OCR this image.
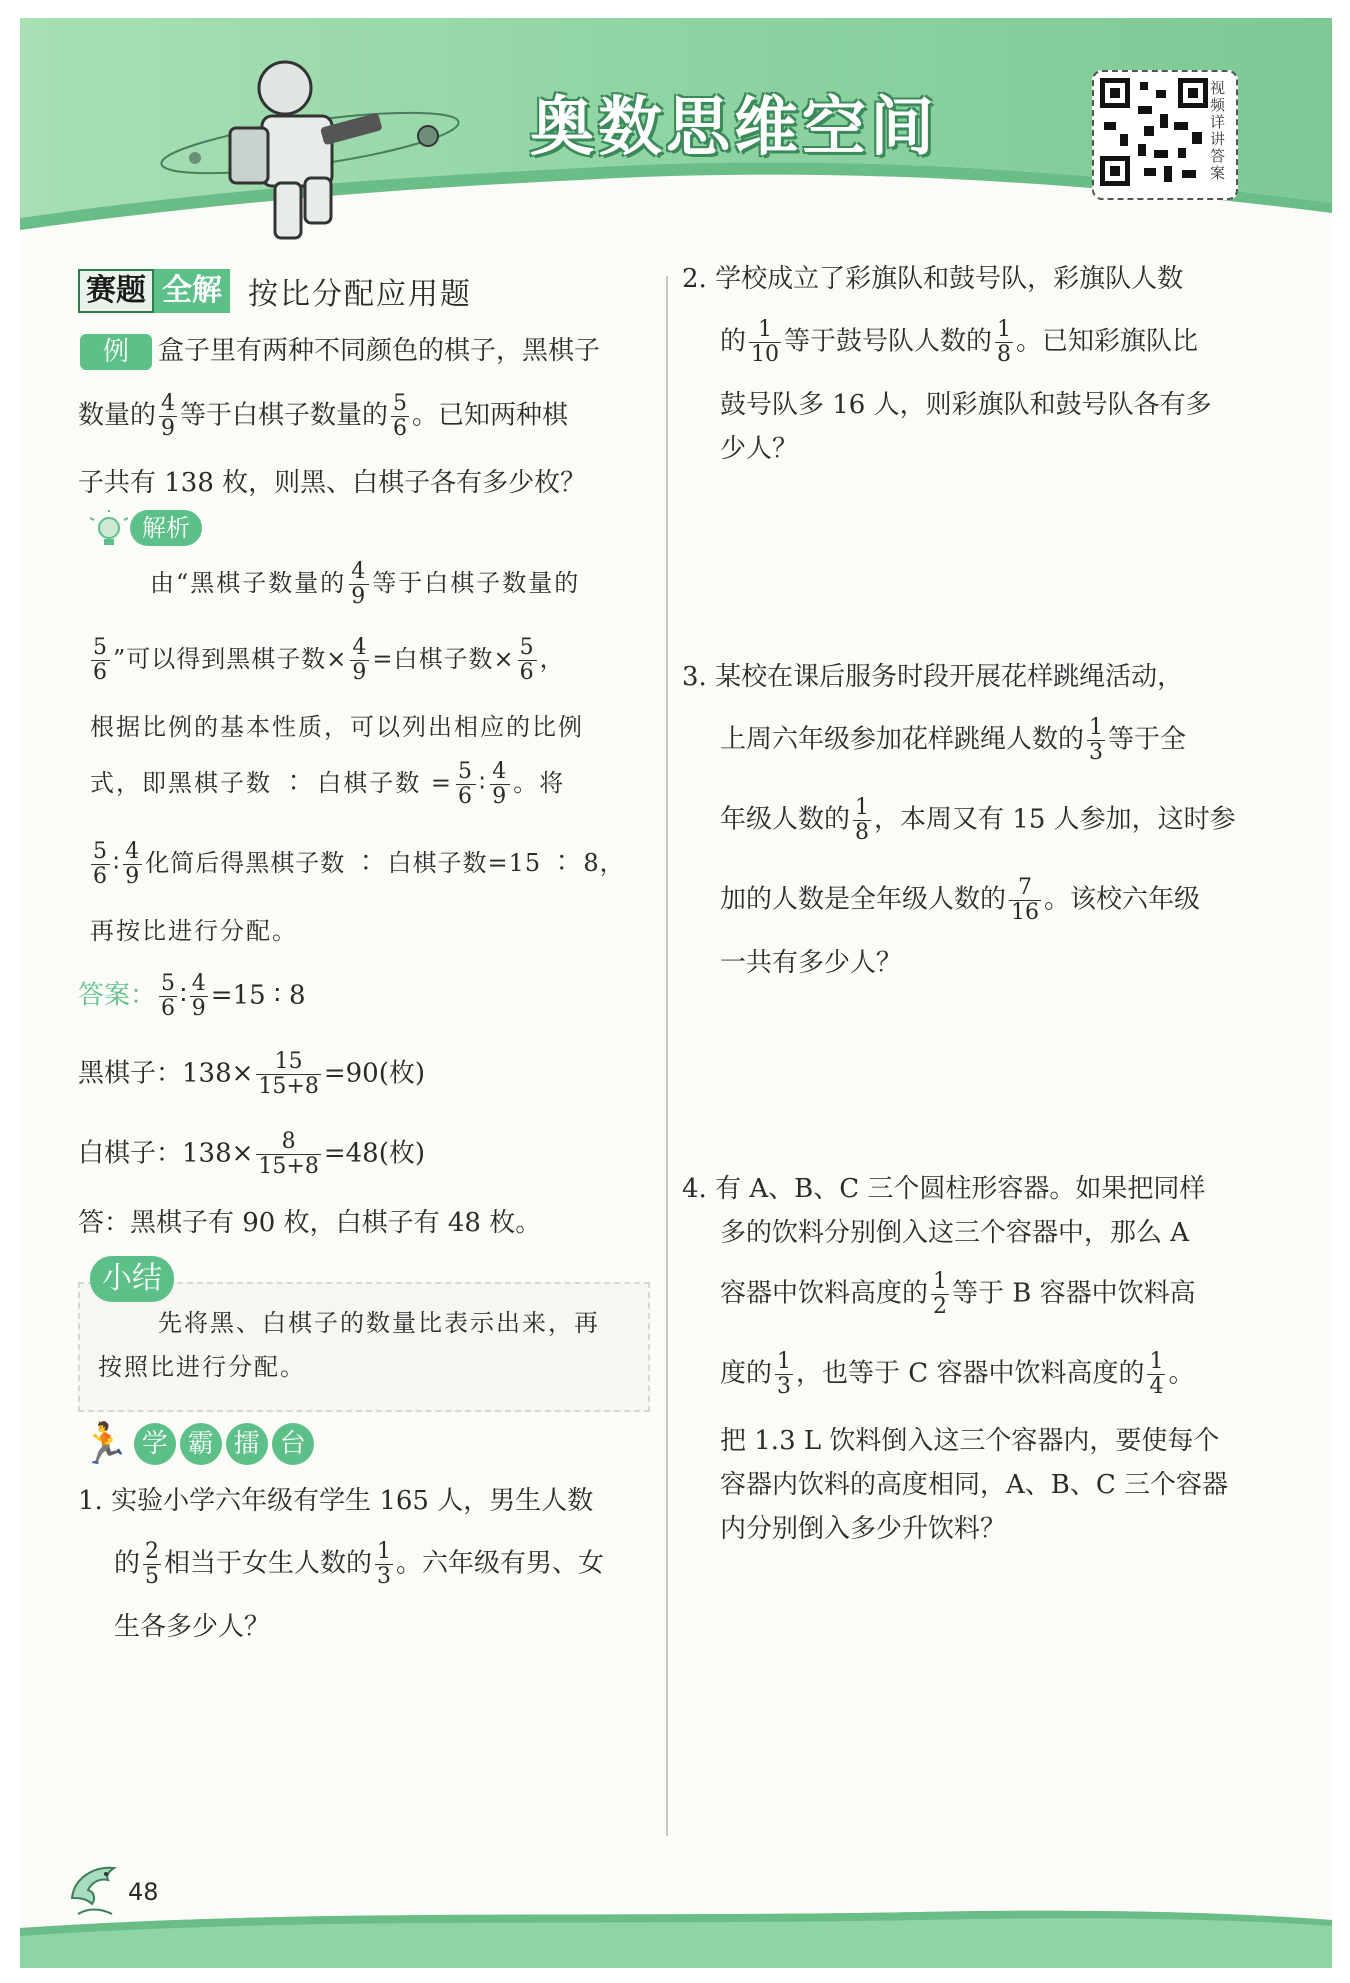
奥数思维空间
视频详讲答案
赛题 全解 按比分配应用题
例	盒子里有两种不同颜色的棋子，黑棋子
数量的 $\frac{4}{9}$ 等于白棋子数量的 $\frac{5}{6}$ 。已知两种棋
子共有 138 枚，则黑、白棋子各有多少枚？
解析
由“黑棋子数量的 $\frac{4}{9}$ 等于白棋子数量的
$\frac{5}{6}$ ”可以得到黑棋子数× $\frac{4}{9}$ =白棋子数× $\frac{5}{6}$ ，
根据比例的基本性质，可以列出相应的比例
式，即黑棋子数 ∶ 白棋子数 = $\frac{5}{6}$ ∶ $\frac{4}{9}$ 。将
$\frac{5}{6}$ ∶ $\frac{4}{9}$ 化简后得黑棋子数 ∶ 白棋子数=15 ∶ 8，
再按比进行分配。
答案： $\frac{5}{6}$ ∶ $\frac{4}{9} =15$ ∶ 8
黑棋子：$138\times \frac{15}{15+8} =90$(枚)
白棋子：$138\times \frac{8}{15+8} =48$(枚)
答：黑棋子有 90 枚，白棋子有 48 枚。
小结
先将黑、白棋子的数量比表示出来，再
按照比进行分配。
🏃 学 霸 擂 台
1. 实验小学六年级有学生 165 人，男生人数
的 $\frac{2}{5}$ 相当于女生人数的 $\frac{1}{3}$ 。六年级有男、女
生各多少人？
2. 学校成立了彩旗队和鼓号队，彩旗队人数
的 $\frac{1}{10}$ 等于鼓号队人数的 $\frac{1}{8}$ 。已知彩旗队比
鼓号队多 16 人，则彩旗队和鼓号队各有多
少人？
3. 某校在课后服务时段开展花样跳绳活动，
上周六年级参加花样跳绳人数的 $\frac{1}{3}$ 等于全
年级人数的 $\frac{1}{8}$ ，本周又有 15 人参加，这时参
加的人数是全年级人数的 $\frac{7}{16}$ 。该校六年级
一共有多少人？
4. 有 A、B、C 三个圆柱形容器。如果把同样
多的饮料分别倒入这三个容器中，那么 A
容器中饮料高度的 $\frac{1}{2}$ 等于 B 容器中饮料高
度的 $\frac{1}{3}$ ，也等于 C 容器中饮料高度的 $\frac{1}{4}$ 。
把 1.3 L 饮料倒入这三个容器内，要使每个
容器内饮料的高度相同，A、B、C 三个容器
内分别倒入多少升饮料？
48
